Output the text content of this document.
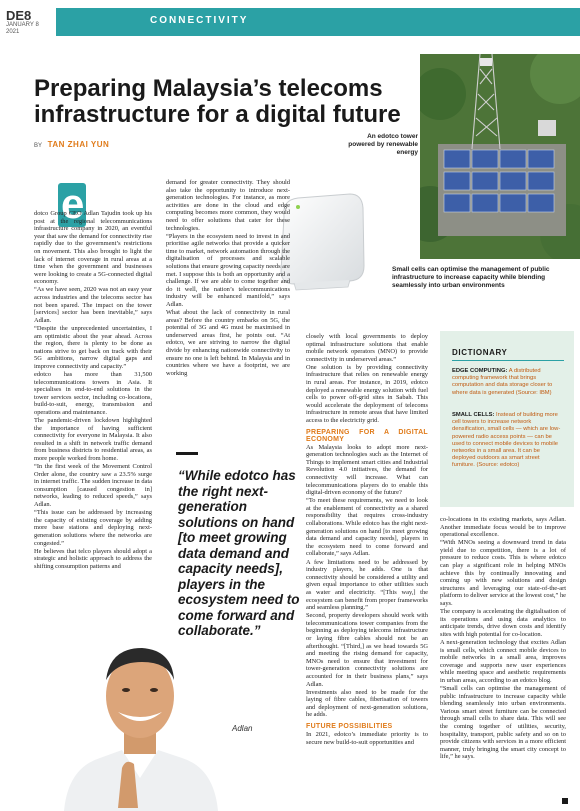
DE8
JANUARY 8
2021
CONNECTIVITY
Preparing Malaysia’s telecoms infrastructure for a digital future
BY TAN ZHAI YUN
An edotco tower powered by renewable energy
Small cells can optimise the management of public infrastructure to increase capacity while blending seamlessly into urban environments
e

dotco Group CEO Adlan Tajudin took up his post at the regional telecommunications infrastructure company in 2020, an eventful year that saw the demand for connectivity rise rapidly due to the government’s restrictions on movement. This also brought to light the lack of internet coverage in rural areas at a time when the government and businesses were looking to create a 5G-connected digital economy.

“As we have seen, 2020 was not an easy year across industries and the telecoms sector has not been spared. The impact on the tower [services] sector has been inevitable,” says Adlan.

“Despite the unprecedented uncertainties, I am optimistic about the year ahead. Across the region, there is plenty to be done as nations strive to get back on track with their 5G ambitions, narrow digital gaps and improve connectivity and capacity.”

edotco has more than 31,500 telecommunications towers in Asia. It specialises in end-to-end solutions in the tower services sector, including co-locations, build-to-suit, energy, transmission and operations and maintenance.

The pandemic-driven lockdown highlighted the importance of having sufficient connectivity for everyone in Malaysia. It also resulted in a shift in network traffic demand from business districts to residential areas, as more people worked from home.

“In the first week of the Movement Control Order alone, the country saw a 23.5% surge in internet traffic. The sudden increase in data consumption [caused congestion in] networks, leading to reduced speeds,” says Adlan.

“This issue can be addressed by increasing the capacity of existing coverage by adding more base stations and deploying next-generation solutions where the networks are congested.”

He believes that telco players should adopt a strategic and holistic approach to address the shifting consumption patterns and

demand for greater connectivity. They should also take the opportunity to introduce next-generation technologies. For instance, as more activities are done in the cloud and edge computing becomes more common, they would need to offer solutions that cater for these technologies.

“Players in the ecosystem need to invest in and prioritise agile networks that provide a quicker time to market, network automation through the digitalisation of processes and scalable solutions that ensure growing capacity needs are met. I suppose this is both an opportunity and a challenge. If we are able to come together and do it well, the nation’s telecommunications industry will be enhanced manifold,” says Adlan.

What about the lack of connectivity in rural areas? Before the country embarks on 5G, the potential of 3G and 4G must be maximised in underserved areas first, he points out. “At edotco, we are striving to narrow the digital divide by enhancing nationwide connectivity to ensure no one is left behind. In Malaysia and in countries where we have a footprint, we are working

“While edotco has the right next-generation solutions on hand [to meet growing data demand and capacity needs], players in the ecosystem need to come forward and collaborate.”
Adlan

closely with local governments to deploy optimal infrastructure solutions that enable mobile network operators (MNO) to provide connectivity in underserved areas.”

One solution is by providing connectivity infrastructure that relies on renewable energy in rural areas. For instance, in 2019, edotco deployed a renewable energy solution with fuel cells to power off-grid sites in Sabah. This would accelerate the deployment of telecoms infrastructure in remote areas that have limited access to the electricity grid.

PREPARING FOR A DIGITAL ECONOMY

As Malaysia looks to adopt more next-generation technologies such as the Internet of Things to implement smart cities and Industrial Revolution 4.0 initiatives, the demand for connectivity will increase. What can telecommunications players do to enable this digital-driven economy of the future?

“To meet these requirements, we need to look at the enablement of connectivity as a shared responsibility that requires cross-industry collaborations. While edotco has the right next-generation solutions on hand [to meet growing data demand and capacity needs], players in the ecosystem need to come forward and collaborate,” says Adlan.

A few limitations need to be addressed by industry players, he adds. One is that connectivity should be considered a utility and given equal importance to other utilities such as water and electricity. “[This way,] the ecosystem can benefit from proper frameworks and seamless planning.”

Second, property developers should work with telecommunications tower companies from the beginning as deploying telecoms infrastructure or laying fibre cables should not be an afterthought. “[Third,] as we head towards 5G and meeting the rising demand for capacity, MNOs need to ensure that investment for tower-generation connectivity solutions are accounted for in their business plans,” says Adlan.

Investments also need to be made for the laying of fibre cables, fiberisation of towers and deployment of next-generation solutions, he adds.

FUTURE POSSIBILITIES

In 2021, edotco’s immediate priority is to secure new build-to-suit opportunities and

DICTIONARY
EDGE COMPUTING: A distributed computing framework that brings computation and data storage closer to where data is generated (Source: IBM)
SMALL CELLS: Instead of building more cell towers to increase network densification, small cells — which are low-powered radio access points — can be used to connect mobile devices to mobile networks in a small area. It can be deployed outdoors as smart street furniture. (Source: edotco)

co-locations in its existing markets, says Adlan. Another immediate focus would be to improve operational excellence.

“With MNOs seeing a downward trend in data yield due to competition, there is a lot of pressure to reduce costs. This is where edotco can play a significant role in helping MNOs achieve this by continually innovating and coming up with new solutions and design structures and leveraging our state-of-the-art platform to deliver service at the lowest cost,” he says.

The company is accelerating the digitalisation of its operations and using data analytics to anticipate trends, drive down costs and identify sites with high potential for co-location.

A next-generation technology that excites Adlan is small cells, which connect mobile devices to mobile networks in a small area, improves coverage and supports new user experiences while meeting space and aesthetic requirements in urban areas, according to an edotco blog.

“Small cells can optimise the management of public infrastructure to increase capacity while blending seamlessly into urban environments. Various smart street furniture can be connected through small cells to share data. This will see the coming together of utilities, security, hospitality, transport, public safety and so on to provide citizens with services in a more efficient manner, truly bringing the smart city concept to life,” he says.
